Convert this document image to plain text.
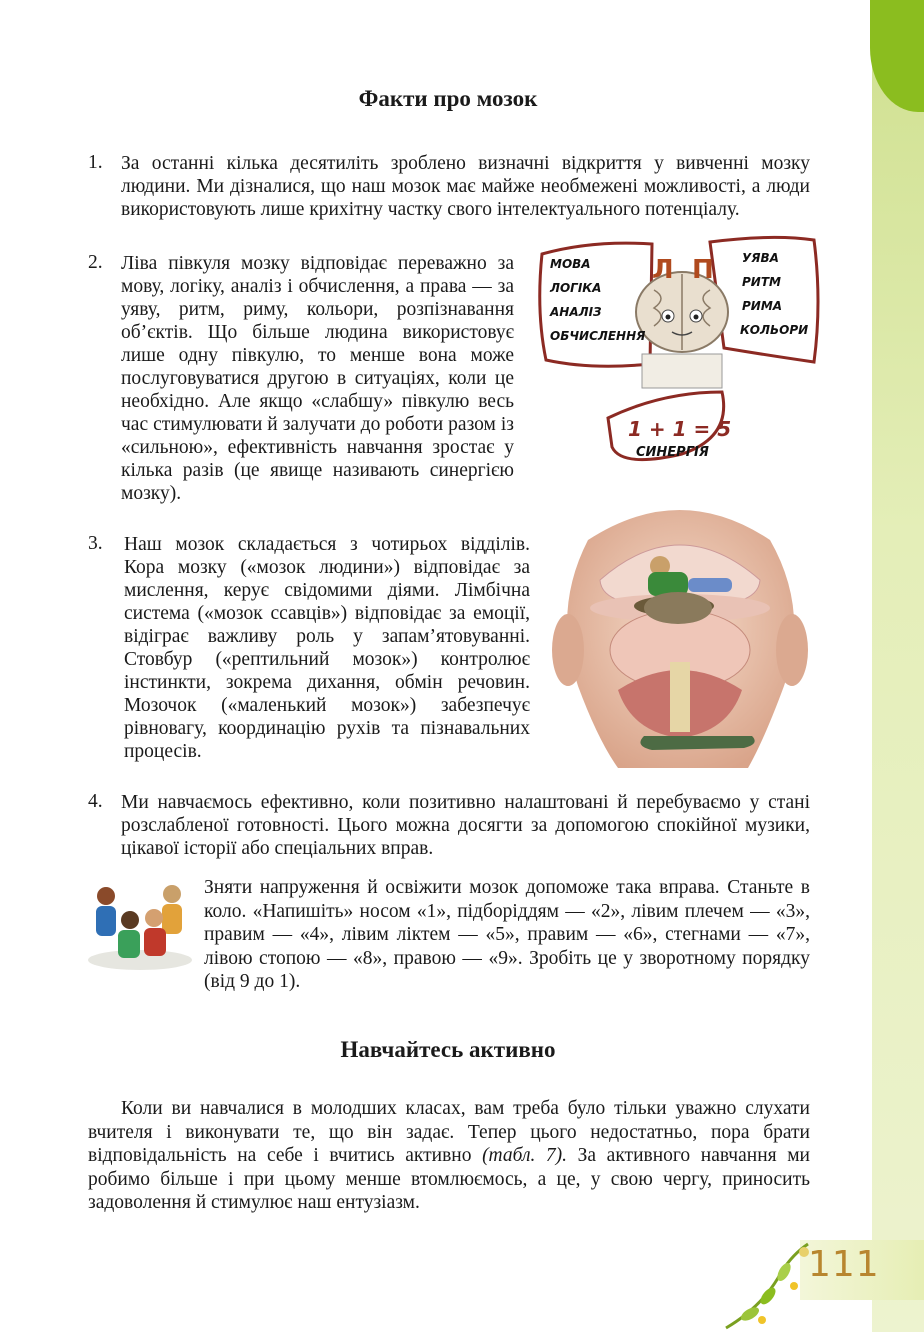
Факти про мозок
1. За останні кілька десятиліть зроблено визначні відкриття у вивченні мозку людини. Ми дізналися, що наш мозок має майже необмежені можливості, а люди використовують лише крихітну частку свого інтелектуального потенціалу.
2. Ліва півкуля мозку відповідає переважно за мову, логіку, аналіз і обчислення, а права — за уяву, ритм, риму, кольори, розпізнавання об’єктів. Що більше людина використовує лише одну півкулю, то менше вона може послуговуватися другою в ситуаціях, коли це необхідно. Але якщо «слабшу» півкулю весь час стимулювати й залучати до роботи разом із «сильною», ефективність навчання зростає у кілька разів (це явище називають синергією мозку).
3. Наш мозок складається з чотирьох відділів. Кора мозку («мозок людини») відповідає за мислення, керує свідомими діями. Лімбічна система («мозок ссавців») відповідає за емоції, відіграє важливу роль у запам’ятовуванні. Стовбур («рептильний мозок») контролює інстинкти, зокрема дихання, обмін речовин. Мозочок («маленький мозок») забезпечує рівновагу, координацію рухів та пізнавальних процесів.
4. Ми навчаємось ефективно, коли позитивно налаштовані й перебуваємо у стані розслабленої готовності. Цього можна досягти за допомогою спокійної музики, цікавої історії або спеціальних вправ.
Л П
МОВА
ЛОГІКА
АНАЛІЗ
ОБЧИСЛЕННЯ
УЯВА
РИТМ
РИМА
КОЛЬОРИ
1 + 1 = 5
СИНЕРГІЯ
Зняти напруження й освіжити мозок допоможе така вправа. Станьте в коло. «Напишіть» носом «1», підборіддям — «2», лівим плечем — «3», правим — «4», лівим ліктем — «5», правим — «6», стегнами — «7», лівою стопою — «8», правою — «9». Зробіть це у зворотному порядку (від 9 до 1).
Навчайтесь активно
Коли ви навчалися в молодших класах, вам треба було тільки уважно слухати вчителя і виконувати те, що він задає. Тепер цього недостатньо, пора брати відповідальність на себе і вчитись активно (табл. 7). За активного навчання ми робимо більше і при цьому менше втомлюємось, а це, у свою чергу, приносить задоволення й стимулює наш ентузіазм.
111
